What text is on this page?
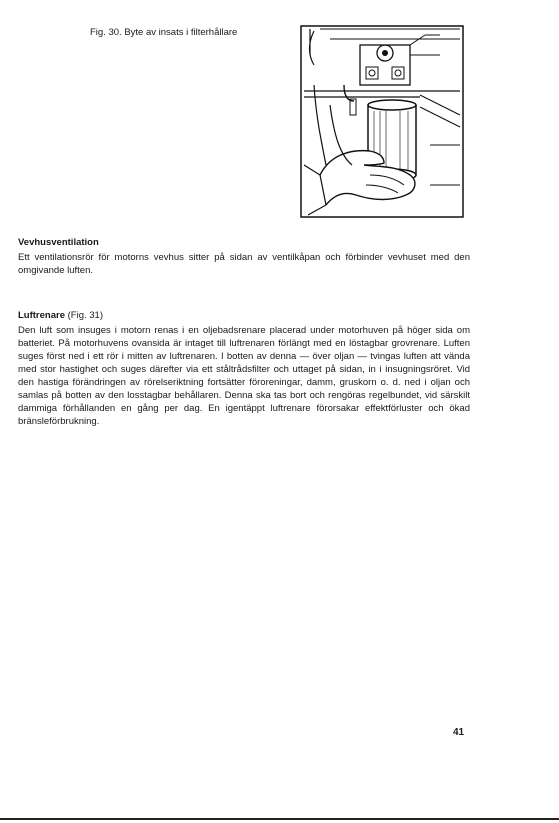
Fig. 30. Byte av insats i filterhållare
Vevhusventilation
Ett ventilationsrör för motorns vevhus sitter på sidan av ventilkåpan och förbinder vevhuset med den omgivande luften.
Luftrenare (Fig. 31)
Den luft som insuges i motorn renas i en oljebadsrenare placerad under motorhuven på höger sida om batteriet. På motorhuvens ovansida är intaget till luftrenaren förlängt med en löstagbar grovrenare. Luften suges först ned i ett rör i mitten av luftrenaren. I botten av denna — över oljan — tvingas luften att vända med stor hastighet och suges därefter via ett ståltrådsfilter och uttaget på sidan, in i insugningsröret. Vid den hastiga förändringen av rörelseriktning fortsätter föroreningar, damm, gruskorn o. d. ned i oljan och samlas på botten av den losstagbar behållaren. Denna ska tas bort och rengöras regelbundet, vid särskilt dammiga förhållanden en gång per dag. En igentäppt luftrenare förorsakar effektförluster och ökad bränsleförbrukning.
41
